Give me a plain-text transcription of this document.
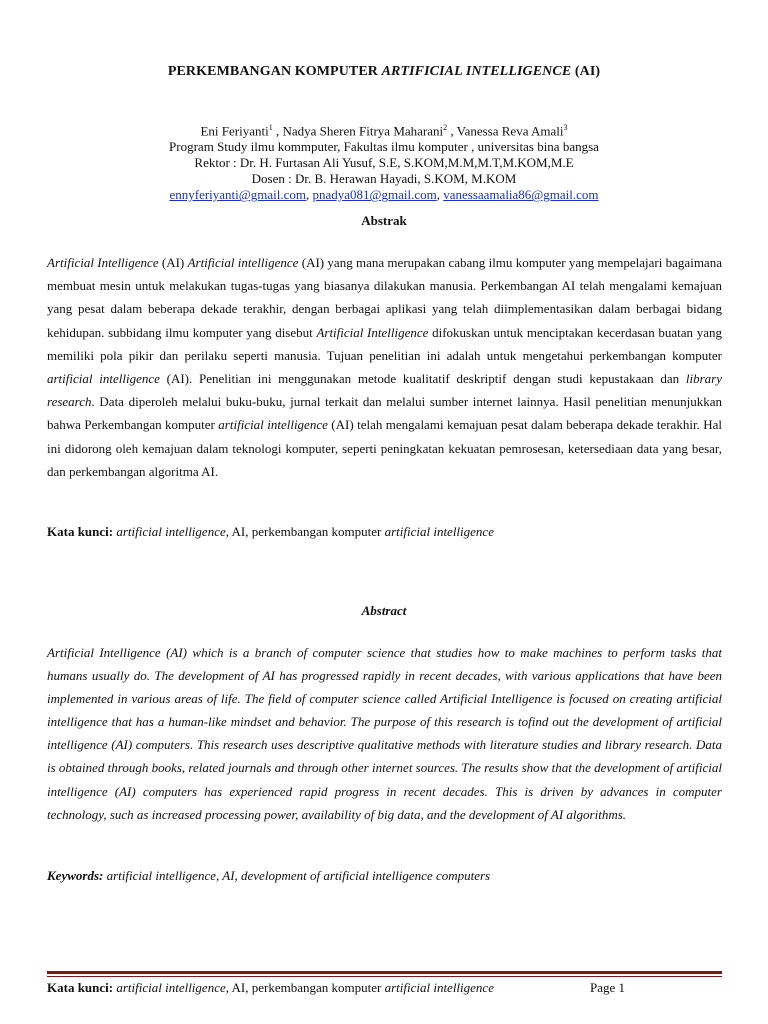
PERKEMBANGAN KOMPUTER ARTIFICIAL INTELLIGENCE (AI)
Eni Feriyanti$^1$ , Nadya Sheren Fitrya Maharani$^2$ , Vanessa Reva Amali$^3$
Program Study ilmu kommputer, Fakultas ilmu komputer , universitas bina bangsa
Rektor : Dr. H. Furtasan Ali Yusuf, S.E, S.KOM,M.M,M.T,M.KOM,M.E
Dosen : Dr. B. Herawan Hayadi, S.KOM, M.KOM
ennyferiyanti@gmail.com, pnadya081@gmail.com, vanessaamalia86@gmail.com
Abstrak
Artificial Intelligence (AI) Artificial intelligence (AI) yang mana merupakan cabang ilmu komputer yang mempelajari bagaimana membuat mesin untuk melakukan tugas-tugas yang biasanya dilakukan manusia. Perkembangan AI telah mengalami kemajuan yang pesat dalam beberapa dekade terakhir, dengan berbagai aplikasi yang telah diimplementasikan dalam berbagai bidang kehidupan. subbidang ilmu komputer yang disebut Artificial Intelligence difokuskan untuk menciptakan kecerdasan buatan yang memiliki pola pikir dan perilaku seperti manusia. Tujuan penelitian ini adalah untuk mengetahui perkembangan komputer artificial intelligence (AI). Penelitian ini menggunakan metode kualitatif deskriptif dengan studi kepustakaan dan library research. Data diperoleh melalui buku-buku, jurnal terkait dan melalui sumber internet lainnya. Hasil penelitian menunjukkan bahwa Perkembangan komputer artificial intelligence (AI) telah mengalami kemajuan pesat dalam beberapa dekade terakhir. Hal ini didorong oleh kemajuan dalam teknologi komputer, seperti peningkatan kekuatan pemrosesan, ketersediaan data yang besar, dan perkembangan algoritma AI.
Kata kunci: artificial intelligence, AI, perkembangan komputer artificial intelligence
Abstract
Artificial Intelligence (AI) which is a branch of computer science that studies how to make machines to perform tasks that humans usually do. The development of AI has progressed rapidly in recent decades, with various applications that have been implemented in various areas of life. The field of computer science called Artificial Intelligence is focused on creating artificial intelligence that has a human-like mindset and behavior. The purpose of this research is tofind out the development of artificial intelligence (AI) computers. This research uses descriptive qualitative methods with literature studies and library research. Data is obtained through books, related journals and through other internet sources. The results show that the development of artificial intelligence (AI) computers has experienced rapid progress in recent decades. This is driven by advances in computer technology, such as increased processing power, availability of big data, and the development of AI algorithms.
Keywords: artificial intelligence, AI, development of artificial intelligence computers
Kata kunci: artificial intelligence, AI, perkembangan komputer artificial intelligence	Page 1
